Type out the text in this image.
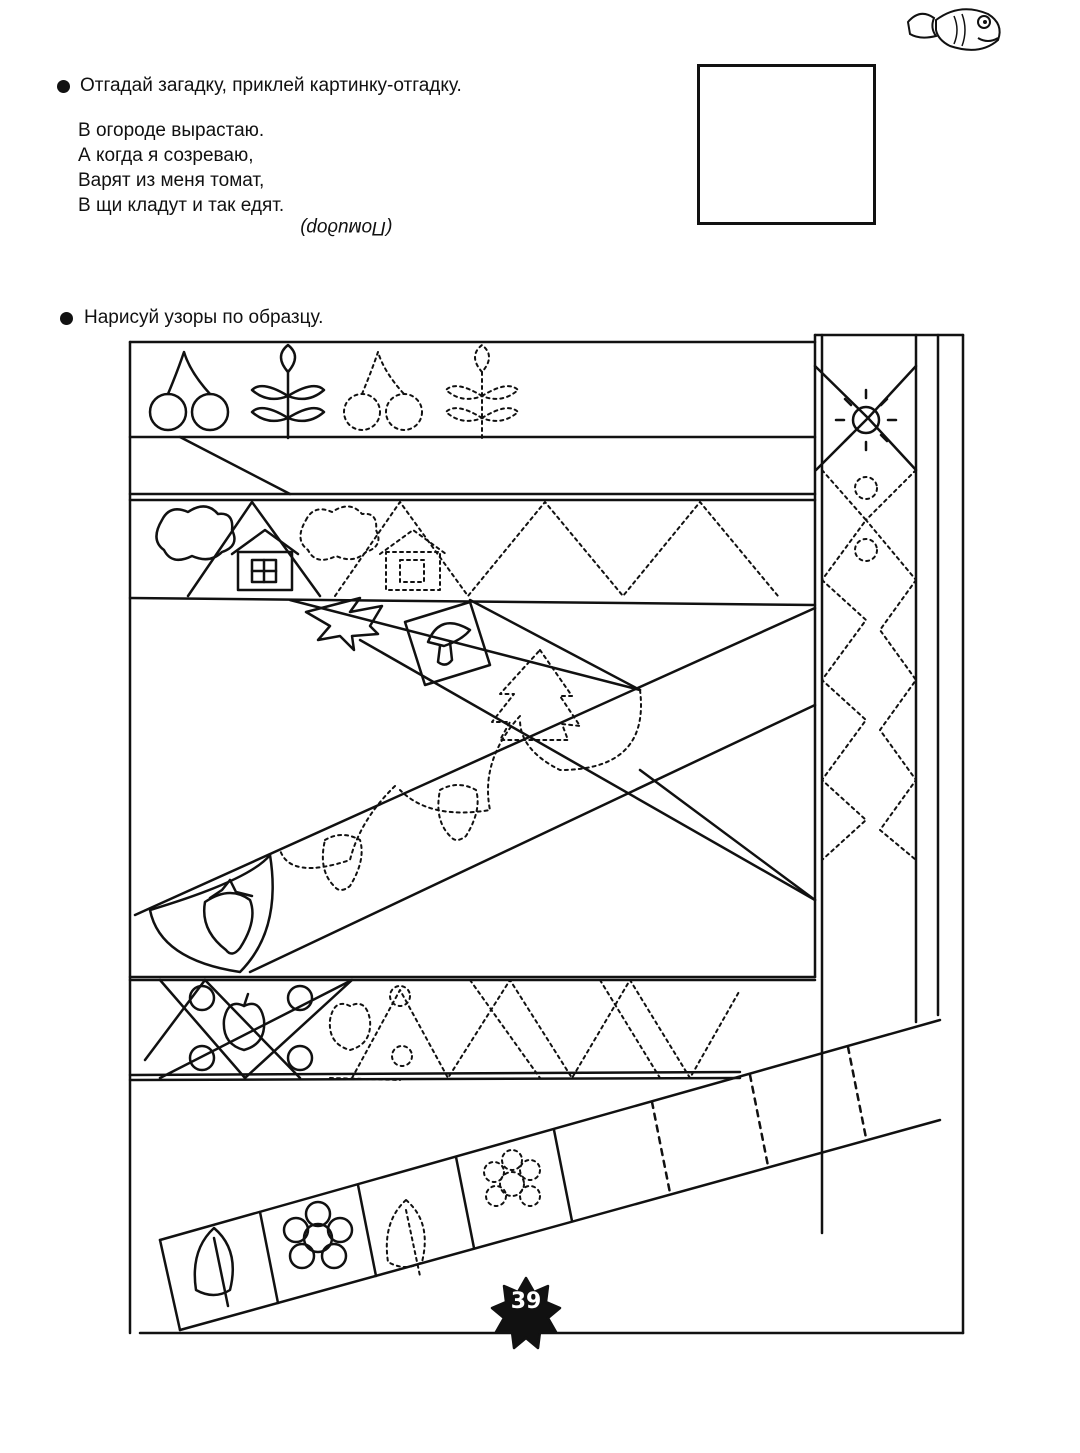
Отгадай загадку, приклей картинку-отгадку.
В огороде вырастаю.
А когда я созреваю,
Варят из меня томат,
В щи кладут и так едят.
(Помидор)
Нарисуй узоры по образцу.
39
